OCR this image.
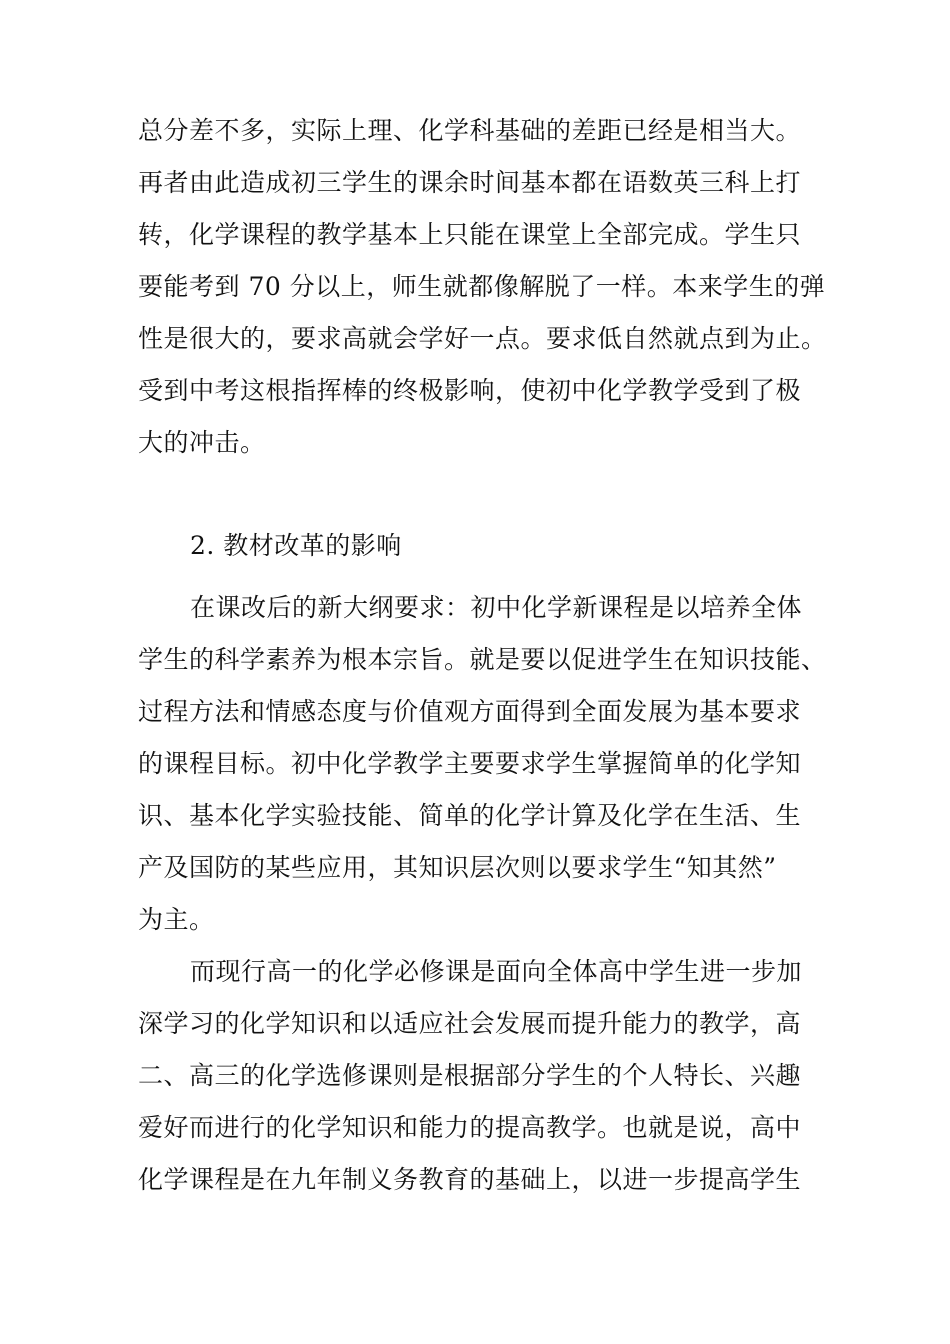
总分差不多，实际上理、化学科基础的差距已经是相当大。
再者由此造成初三学生的课余时间基本都在语数英三科上打
转，化学课程的教学基本上只能在课堂上全部完成。学生只
要能考到 70 分以上，师生就都像解脱了一样。本来学生的弹
性是很大的，要求高就会学好一点。要求低自然就点到为止。
受到中考这根指挥棒的终极影响，使初中化学教学受到了极
大的冲击。
2. 教材改革的影响
在课改后的新大纲要求：初中化学新课程是以培养全体
学生的科学素养为根本宗旨。就是要以促进学生在知识技能、
过程方法和情感态度与价值观方面得到全面发展为基本要求
的课程目标。初中化学教学主要要求学生掌握简单的化学知
识、基本化学实验技能、简单的化学计算及化学在生活、生
产及国防的某些应用，其知识层次则以要求学生“知其然”
为主。
而现行高一的化学必修课是面向全体高中学生进一步加
深学习的化学知识和以适应社会发展而提升能力的教学，高
二、高三的化学选修课则是根据部分学生的个人特长、兴趣
爱好而进行的化学知识和能力的提高教学。也就是说，高中
化学课程是在九年制义务教育的基础上，以进一步提高学生
